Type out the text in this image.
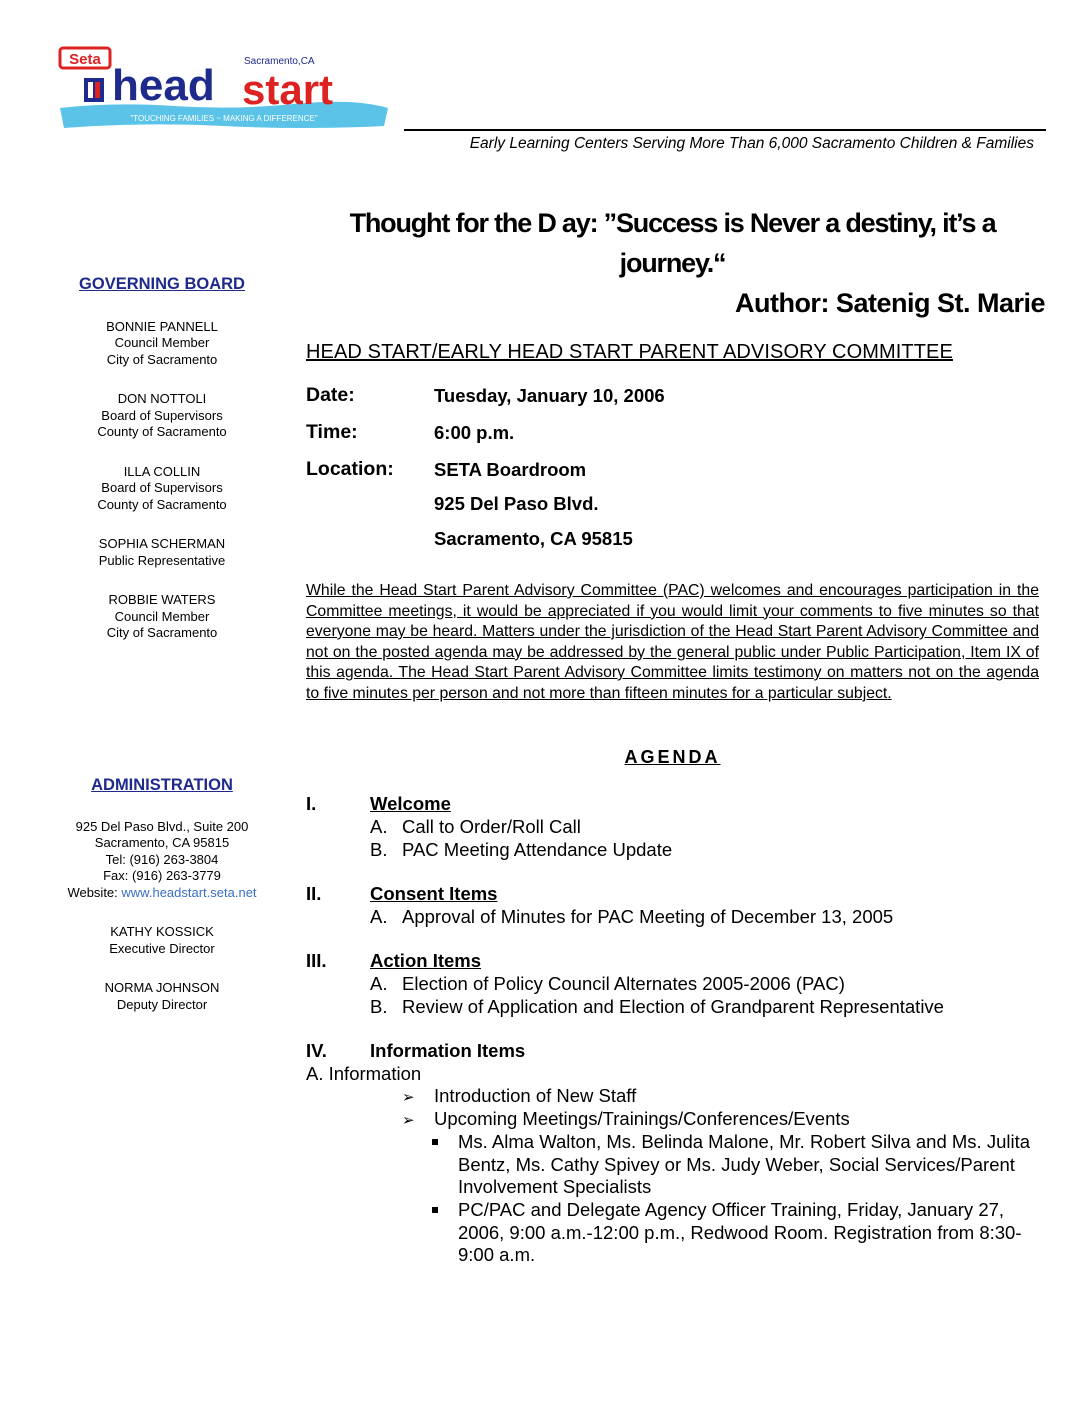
Seta
head start
Sacramento,CA
"TOUCHING FAMILIES ~ MAKING A DIFFERENCE"
Early Learning Centers Serving More Than 6,000 Sacramento Children & Families
GOVERNING BOARD
BONNIE PANNELL
Council Member
City of Sacramento
DON NOTTOLI
Board of Supervisors
County of Sacramento
ILLA COLLIN
Board of Supervisors
County of Sacramento
SOPHIA SCHERMAN
Public Representative
ROBBIE WATERS
Council Member
City of Sacramento
ADMINISTRATION
925 Del Paso Blvd., Suite 200
Sacramento, CA 95815
Tel: (916) 263-3804
Fax: (916) 263-3779
Website: www.headstart.seta.net
KATHY KOSSICK
Executive Director
NORMA JOHNSON
Deputy Director
Thought for the D ay: ”Success is Never a destiny, it’s a
journey.“
Author: Satenig St. Marie
HEAD START/EARLY HEAD START PARENT ADVISORY COMMITTEE
Date:	Tuesday, January 10, 2006
Time:	6:00 p.m.
Location:	SETA Boardroom
925 Del Paso Blvd.
Sacramento, CA 95815
While the Head Start Parent Advisory Committee (PAC) welcomes and encourages participation in the Committee meetings, it would be appreciated if you would limit your comments to five minutes so that everyone may be heard. Matters under the jurisdiction of the Head Start Parent Advisory Committee and not on the posted agenda may be addressed by the general public under Public Participation, Item IX of this agenda. The Head Start Parent Advisory Committee limits testimony on matters not on the agenda to five minutes per person and not more than fifteen minutes for a particular subject.
AGENDA
I.	Welcome
A. Call to Order/Roll Call
B. PAC Meeting Attendance Update
II.	Consent Items
A. Approval of Minutes for PAC Meeting of December 13, 2005
III.	Action Items
A. Election of Policy Council Alternates 2005-2006 (PAC)
B. Review of Application and Election of Grandparent Representative
IV.	Information Items
A. Information
➢ Introduction of New Staff
➢ Upcoming Meetings/Trainings/Conferences/Events
Ms. Alma Walton, Ms. Belinda Malone, Mr. Robert Silva and Ms. Julita Bentz, Ms. Cathy Spivey or Ms. Judy Weber, Social Services/Parent Involvement Specialists
PC/PAC and Delegate Agency Officer Training, Friday, January 27, 2006, 9:00 a.m.-12:00 p.m., Redwood Room. Registration from 8:30-9:00 a.m.
